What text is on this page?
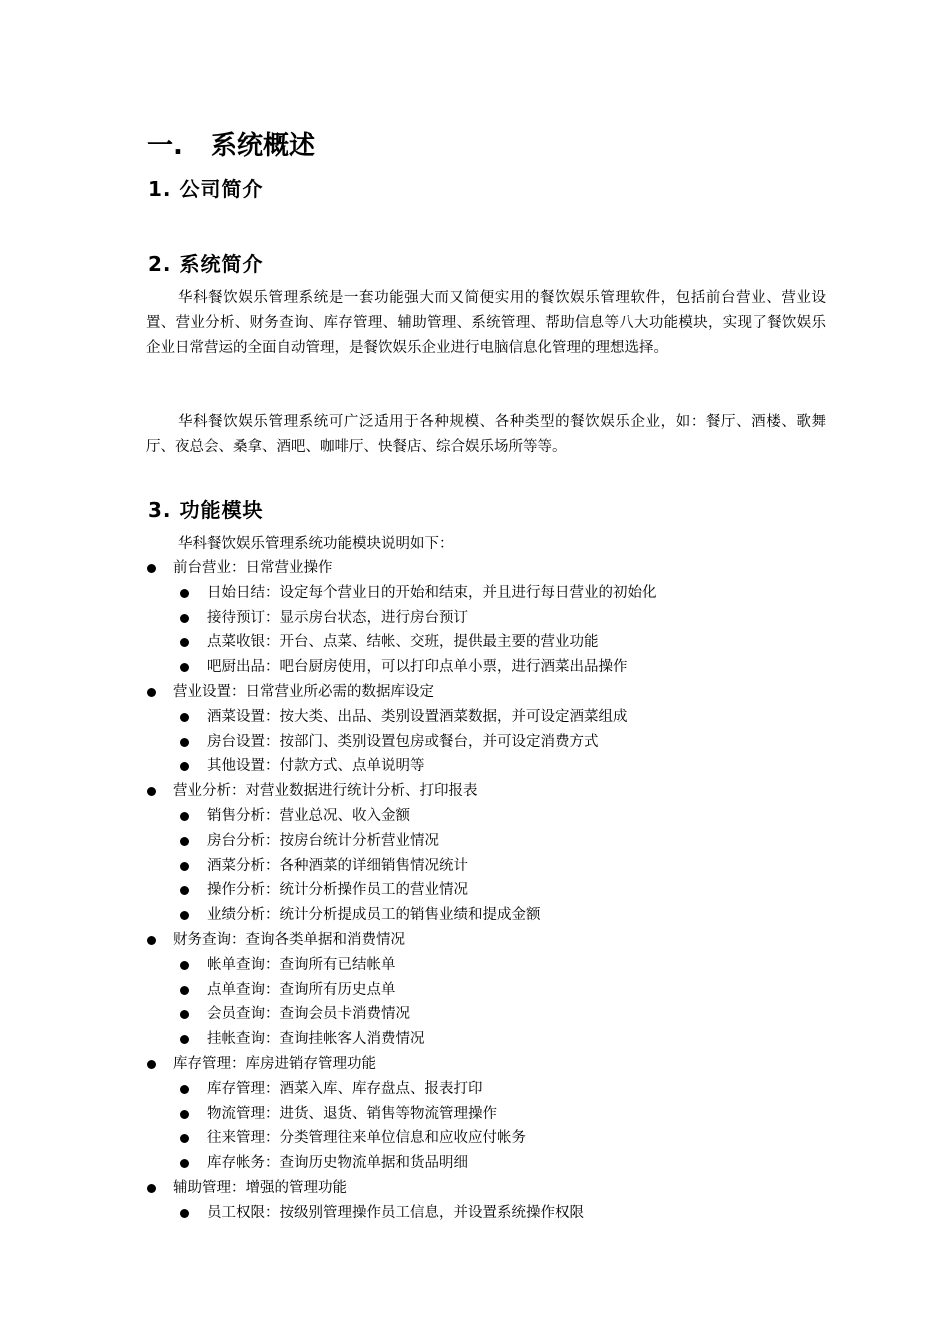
一. 系统概述
1. 公司简介
2. 系统简介
华科餐饮娱乐管理系统是一套功能强大而又简便实用的餐饮娱乐管理软件，包括前台营业、营业设置、营业分析、财务查询、库存管理、辅助管理、系统管理、帮助信息等八大功能模块，实现了餐饮娱乐企业日常营运的全面自动管理，是餐饮娱乐企业进行电脑信息化管理的理想选择。
华科餐饮娱乐管理系统可广泛适用于各种规模、各种类型的餐饮娱乐企业，如：餐厅、酒楼、歌舞厅、夜总会、桑拿、酒吧、咖啡厅、快餐店、综合娱乐场所等等。
3. 功能模块
华科餐饮娱乐管理系统功能模块说明如下：
前台营业：日常营业操作
日始日结：设定每个营业日的开始和结束，并且进行每日营业的初始化
接待预订：显示房台状态，进行房台预订
点菜收银：开台、点菜、结帐、交班，提供最主要的营业功能
吧厨出品：吧台厨房使用，可以打印点单小票，进行酒菜出品操作
营业设置：日常营业所必需的数据库设定
酒菜设置：按大类、出品、类别设置酒菜数据，并可设定酒菜组成
房台设置：按部门、类别设置包房或餐台，并可设定消费方式
其他设置：付款方式、点单说明等
营业分析：对营业数据进行统计分析、打印报表
销售分析：营业总况、收入金额
房台分析：按房台统计分析营业情况
酒菜分析：各种酒菜的详细销售情况统计
操作分析：统计分析操作员工的营业情况
业绩分析：统计分析提成员工的销售业绩和提成金额
财务查询：查询各类单据和消费情况
帐单查询：查询所有已结帐单
点单查询：查询所有历史点单
会员查询：查询会员卡消费情况
挂帐查询：查询挂帐客人消费情况
库存管理：库房进销存管理功能
库存管理：酒菜入库、库存盘点、报表打印
物流管理：进货、退货、销售等物流管理操作
往来管理：分类管理往来单位信息和应收应付帐务
库存帐务：查询历史物流单据和货品明细
辅助管理：增强的管理功能
员工权限：按级别管理操作员工信息，并设置系统操作权限
